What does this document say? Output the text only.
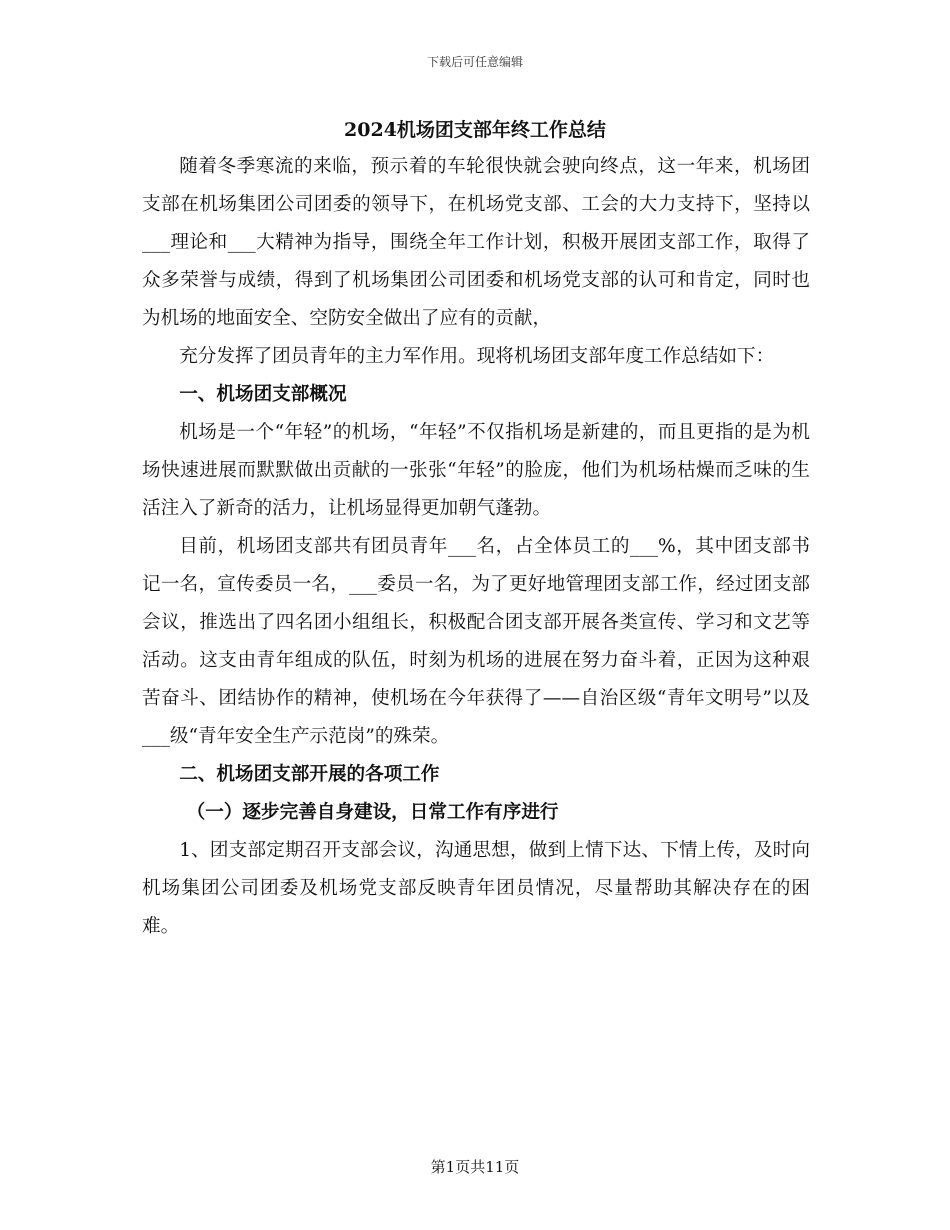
下载后可任意编辑
2024机场团支部年终工作总结

随着冬季寒流的来临，预示着的车轮很快就会驶向终点，这一年来，机场团支部在机场集团公司团委的领导下，在机场党支部、工会的大力支持下，坚持以___理论和___大精神为指导，围绕全年工作计划，积极开展团支部工作，取得了众多荣誉与成绩，得到了机场集团公司团委和机场党支部的认可和肯定，同时也为机场的地面安全、空防安全做出了应有的贡献，

充分发挥了团员青年的主力军作用。现将机场团支部年度工作总结如下：

一、机场团支部概况

机场是一个“年轻”的机场，“年轻”不仅指机场是新建的，而且更指的是为机场快速进展而默默做出贡献的一张张“年轻”的脸庞，他们为机场枯燥而乏味的生活注入了新奇的活力，让机场显得更加朝气蓬勃。

目前，机场团支部共有团员青年___名，占全体员工的___%，其中团支部书记一名，宣传委员一名，___委员一名，为了更好地管理团支部工作，经过团支部会议，推选出了四名团小组组长，积极配合团支部开展各类宣传、学习和文艺等活动。这支由青年组成的队伍，时刻为机场的进展在努力奋斗着，正因为这种艰苦奋斗、团结协作的精神，使机场在今年获得了——自治区级“青年文明号”以及___级“青年安全生产示范岗”的殊荣。

二、机场团支部开展的各项工作
（一）逐步完善自身建设，日常工作有序进行

1、团支部定期召开支部会议，沟通思想，做到上情下达、下情上传，及时向机场集团公司团委及机场党支部反映青年团员情况，尽量帮助其解决存在的困难。

第1页共11页
